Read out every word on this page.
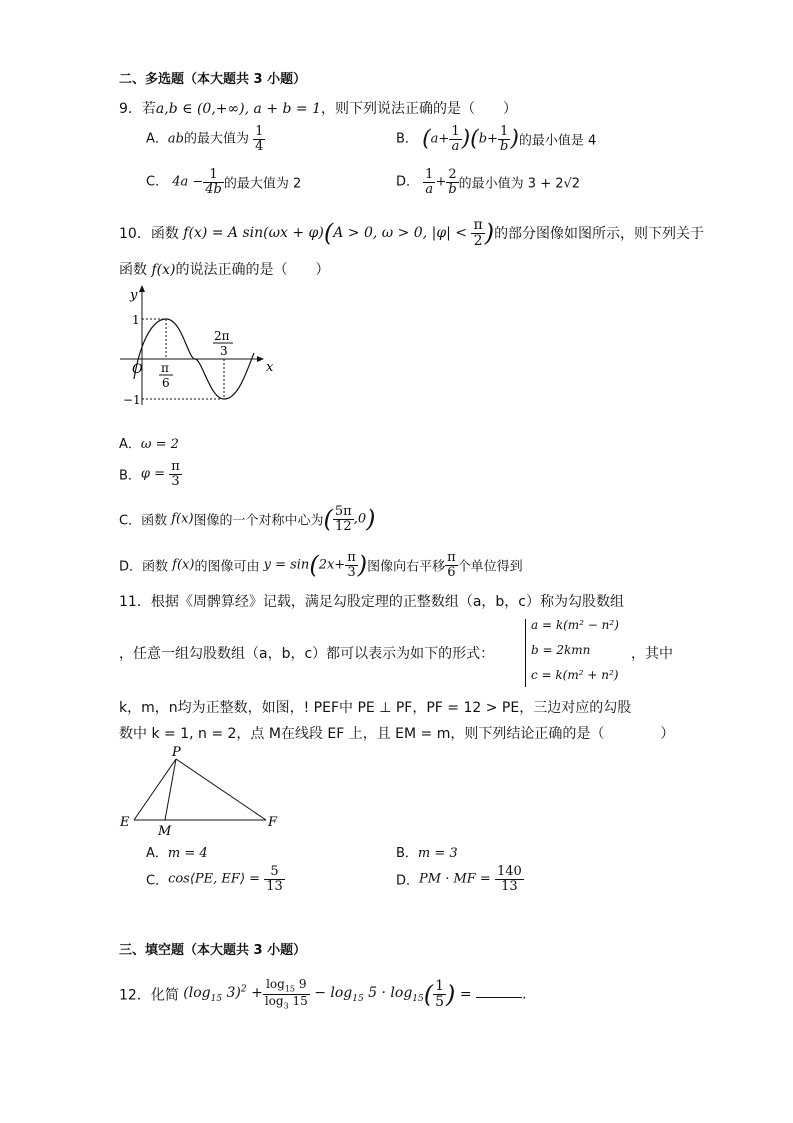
二、多选题（本大题共 3 小题）
9．若a,b ∈ (0,+∞), a + b = 1，则下列说法正确的是（　　）
A．ab的最大值为 $\frac{1}{4}$	B． $(a+ \frac{1}{a} )(b+ \frac{1}{b}$ )的最小值是 4
C． $4a - \frac{1}{4b}$ 的最大值为 2	D． $\frac{1}{a} + \frac{2}{b}$ 的最小值为 3 + 2√2
10．函数 f(x) = A sin(ωx + φ)(A > 0, ω > 0, $|\varphi| < \frac{\pi}{2}$ )的部分图像如图所示，则下列关于
函数 f(x)的说法正确的是（　　）
y
x
O
1
−1
π
6
2π
3
A．ω = 2
B．$\varphi = \frac{\pi}{3}$
C．函数 f(x)图像的一个对称中心为( $\frac{5\pi}{12} ,0$)
D．函数 f(x)的图像可由 $y = \sin(2x+ \frac{\pi}{3}$ )图像向右平移 $\frac{\pi}{6}$ 个单位得到
11．根据《周髀算经》记载，满足勾股定理的正整数组（a，b，c）称为勾股数组
，任意一组勾股数组（a，b，c）都可以表示为如下的形式：
a = k(m² − n²)
b = 2kmn
c = k(m² + n²)
，其中
k，m，n均为正整数，如图，! PEF中 PE ⊥ PF，PF = 12 > PE，三边对应的勾股
数中 k = 1, n = 2，点 M在线段 EF 上，且 EM = m，则下列结论正确的是（　　　　）
P
E
M
F
A．m = 4	B．m = 3
C．cos⟨PE, EF⟩ = $\frac{5}{13}$	D．PM · MF = $\frac{140}{13}$
三、填空题（本大题共 3 小题）
12．化简 ($\log_{15}$ $3)^2 + \frac{\log_{15} 9}{\log_3 15} - \log_{15} 5 \cdot \log_{15}( \frac{1}{5}$ ) =	.
